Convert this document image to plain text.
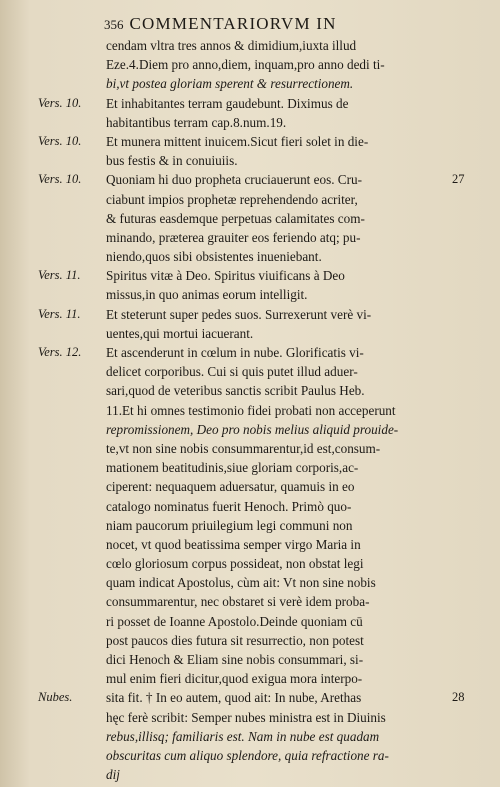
356 COMMENTARIORVM IN
cendam vltra tres annos & dimidium,iuxta illud
Eze.4.Diem pro anno,diem, inquam,pro anno dedi ti-
bi,vt postea gloriam sperent & resurrectionem.
Vers. 10. Et inhabitantes terram gaudebunt. Diximus de
habitantibus terram cap.8.num.19.
Vers. 10. Et munera mittent inuicem.Sicut fieri solet in die-
bus festis & in conuiuiis.
Vers. 10. Quoniam hi duo propheta cruciauerunt eos. Cru-	27
ciabunt impios prophetæ reprehendendo acriter,
& futuras easdemque perpetuas calamitates com-
minando, præterea grauiter eos feriendo atq; pu-
niendo,quos sibi obsistentes inueniebant.
Vers. 11. Spiritus vitæ à Deo. Spiritus viuificans à Deo
missus,in quo animas eorum intelligit.
Vers. 11. Et steterunt super pedes suos. Surrexerunt verè vi-
uentes,qui mortui iacuerant.
Vers. 12. Et ascenderunt in cœlum in nube. Glorificatis vi-
delicet corporibus. Cui si quis putet illud aduer-
sari,quod de veteribus sanctis scribit Paulus Heb.
11.Et hi omnes testimonio fidei probati non acceperunt
repromissionem, Deo pro nobis melius aliquid prouide-
te,vt non sine nobis consummarentur,id est,consum-
mationem beatitudinis,siue gloriam corporis,ac-
ciperent: nequaquem aduersatur, quamuis in eo
catalogo nominatus fuerit Henoch. Primò quo-
niam paucorum priuilegium legi communi non
nocet, vt quod beatissima semper virgo Maria in
cœlo gloriosum corpus possideat, non obstat legi
quam indicat Apostolus, cùm ait: Vt non sine nobis
consummarentur, nec obstaret si verè idem proba-
ri posset de Ioanne Apostolo.Deinde quoniam cū
post paucos dies futura sit resurrectio, non potest
dici Henoch & Eliam sine nobis consummari, si-
mul enim fieri dicitur,quod exigua mora interpo-
Nubes.	sita fit. † In eo autem, quod ait: In nube, Arethas	28
hęc ferè scribit: Semper nubes ministra est in Diuinis
rebus,illisq; familiaris est. Nam in nube est quadam
obscuritas cum aliquo splendore, quia refractione ra-
dij
